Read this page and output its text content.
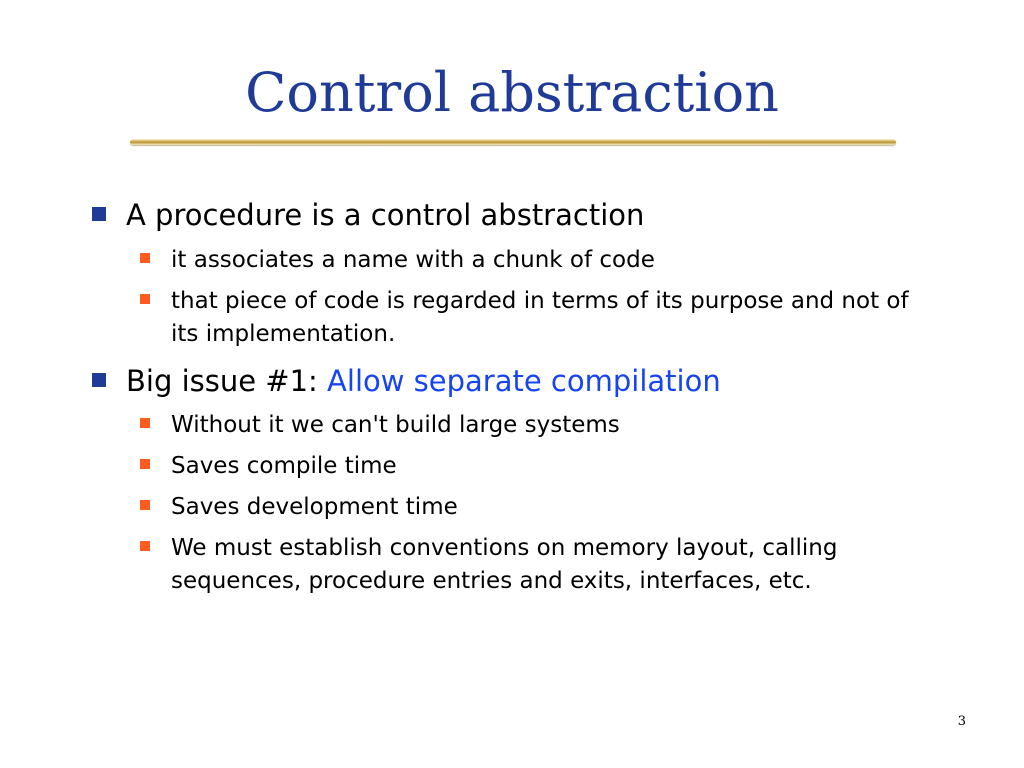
Control abstraction
A procedure is a control abstraction
it associates a name with a chunk of code
that piece of code is regarded in terms of its purpose and not of its implementation.
Big issue #1: Allow separate compilation
Without it we can't build large systems
Saves compile time
Saves development time
We must establish conventions on memory layout, calling sequences, procedure entries and exits, interfaces, etc.
3
